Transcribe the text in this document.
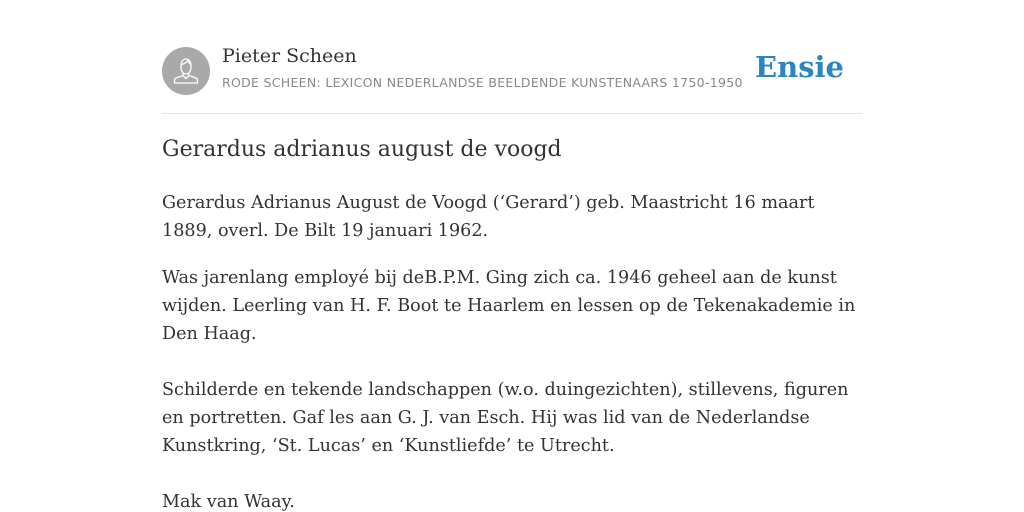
Pieter Scheen
RODE SCHEEN: LEXICON NEDERLANDSE BEELDENDE KUNSTENAARS 1750-1950 Ensie
Gerardus adrianus august de voogd

Gerardus Adrianus August de Voogd (‘Gerard’) geb. Maastricht 16 maart 1889, overl. De Bilt 19 januari 1962.

Was jarenlang employé bij deB.P.M. Ging zich ca. 1946 geheel aan de kunst wijden. Leerling van H. F. Boot te Haarlem en lessen op de Tekenakademie in Den Haag.

Schilderde en tekende landschappen (w.o. duingezichten), stillevens, figuren en portretten. Gaf les aan G. J. van Esch. Hij was lid van de Nederlandse Kunstkring, ‘St. Lucas’ en ‘Kunstliefde’ te Utrecht.

Mak van Waay.
